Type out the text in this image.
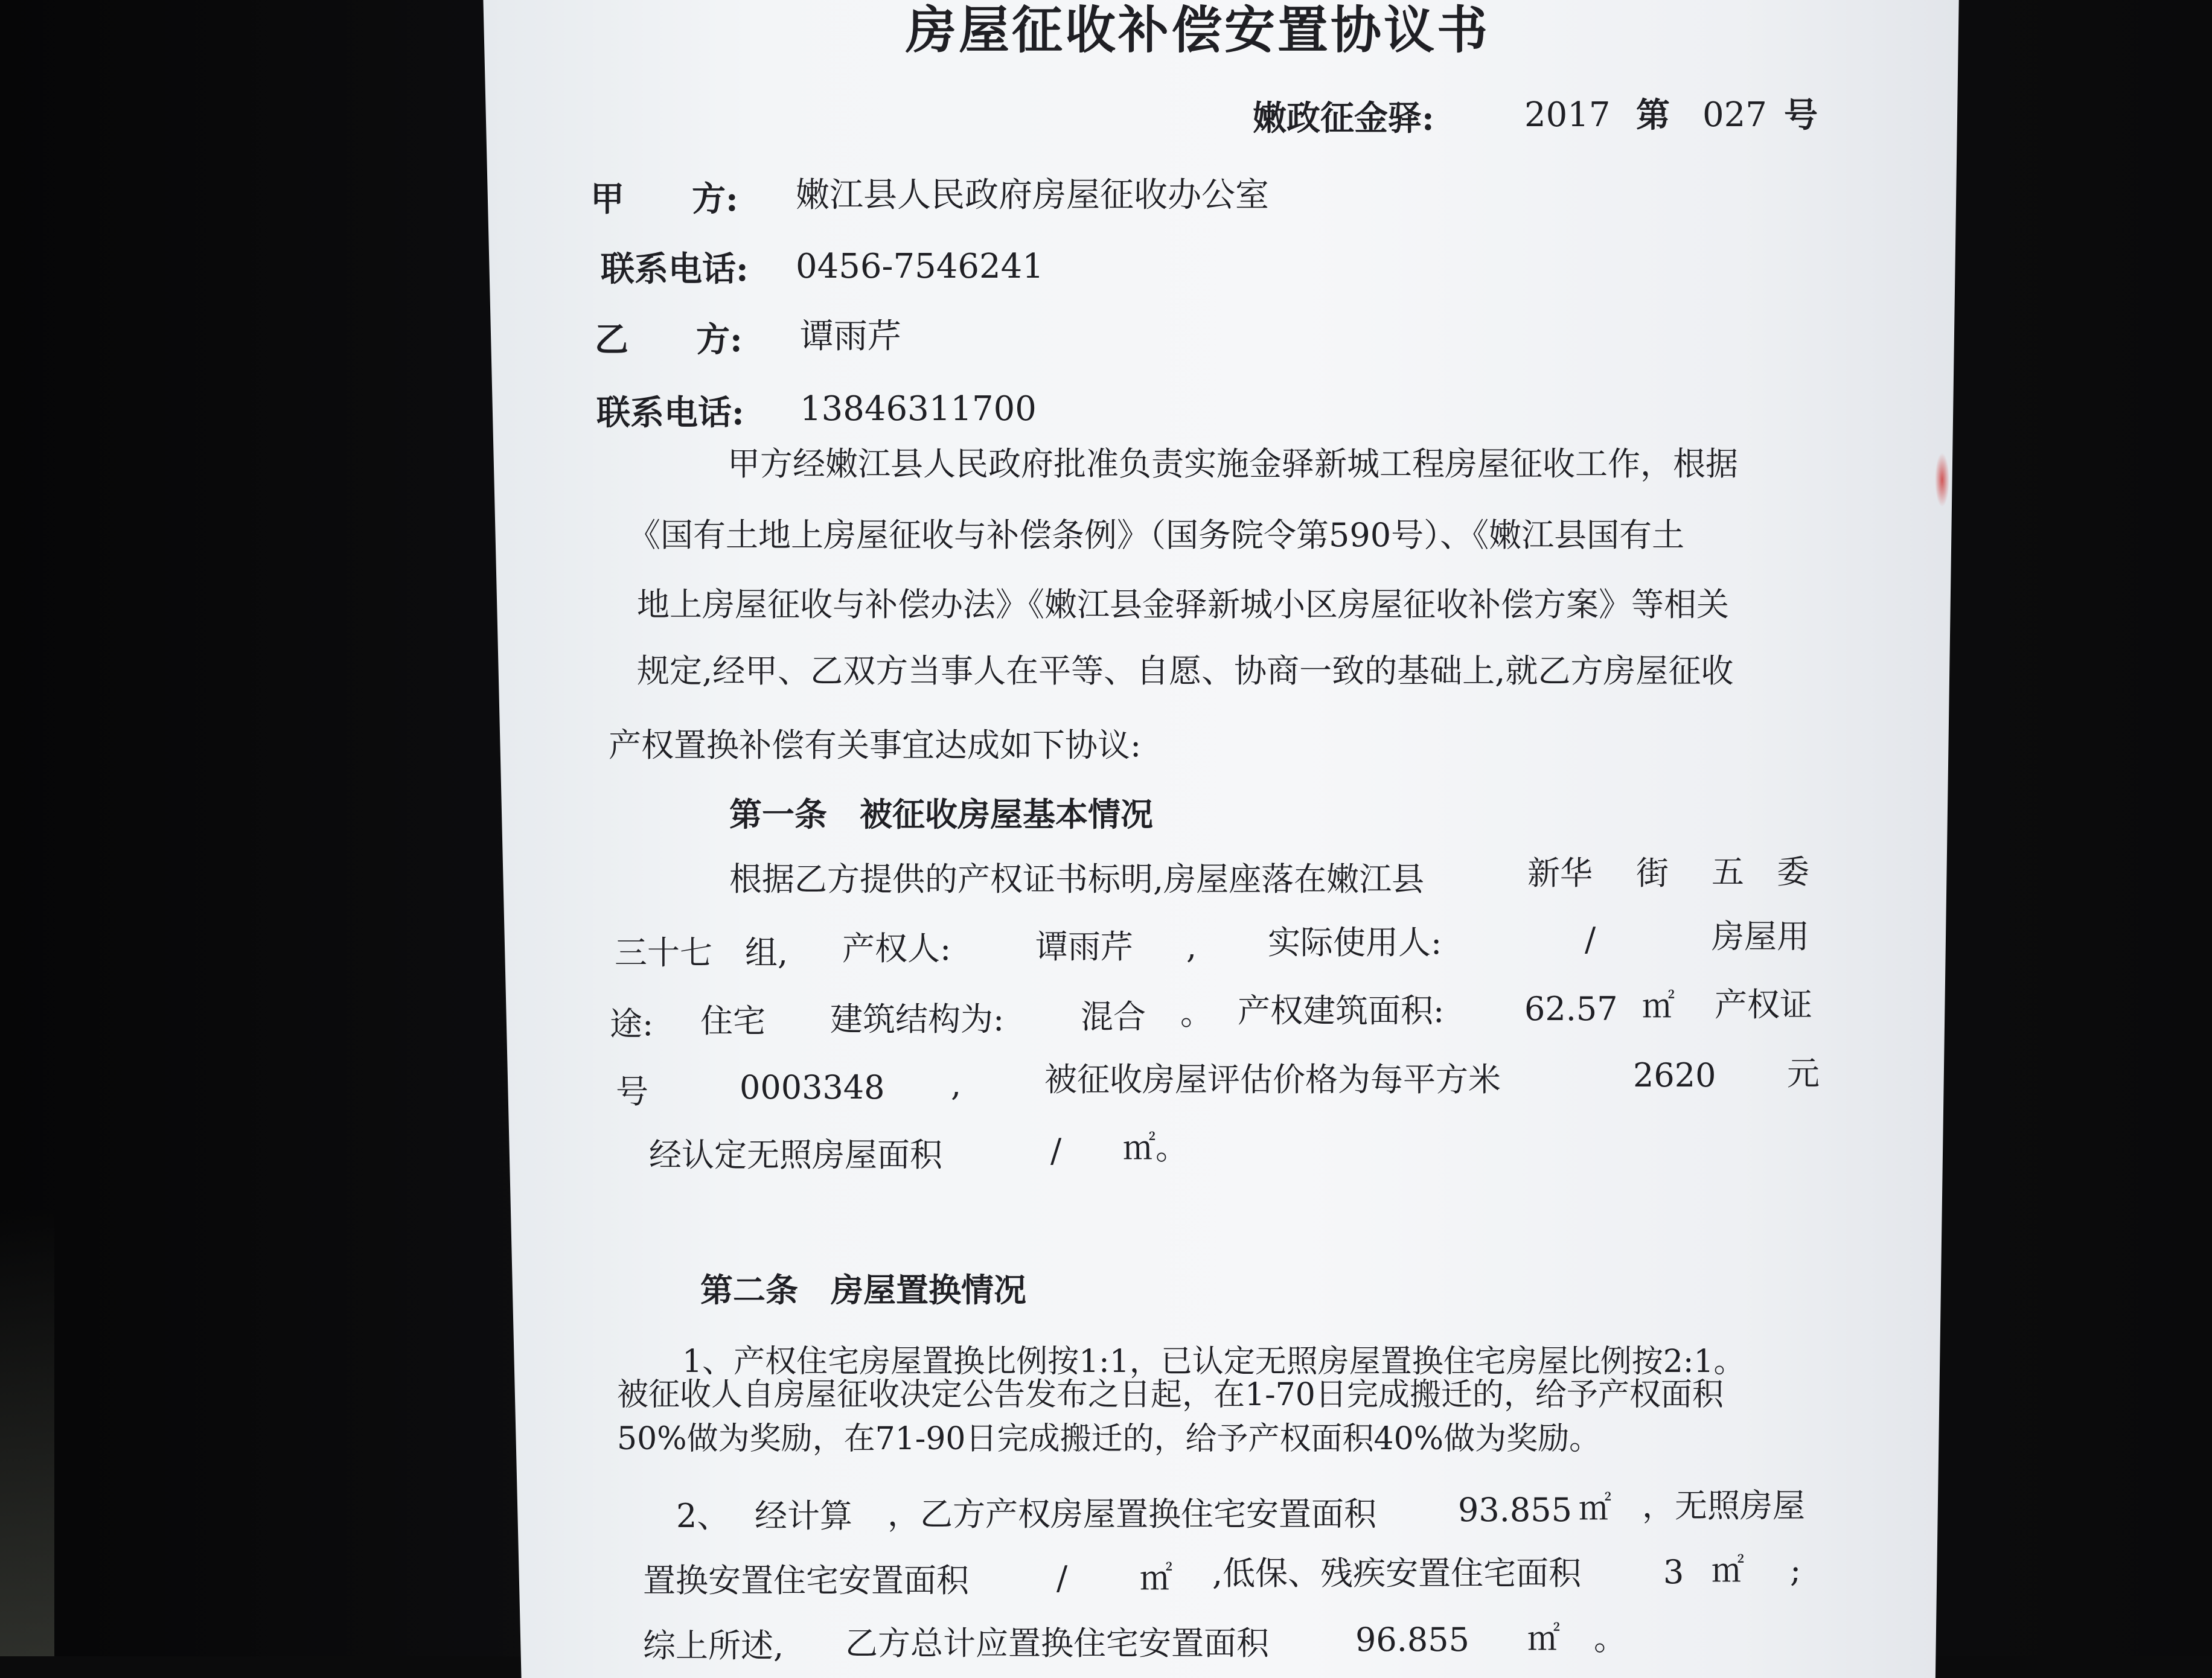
房屋征收补偿安置协议书
嫩政征金驿:	2017 第 027 号
甲　　方: 嫩江县人民政府房屋征收办公室
联系电话: 0456-7546241
乙　　方: 谭雨芹
联系电话: 13846311700
甲方经嫩江县人民政府批准负责实施金驿新城工程房屋征收工作，根据
《国有土地上房屋征收与补偿条例》（国务院令第590号）、《嫩江县国有土
地上房屋征收与补偿办法》《嫩江县金驿新城小区房屋征收补偿方案》等相关
规定,经甲、乙双方当事人在平等、自愿、协商一致的基础上,就乙方房屋征收
产权置换补偿有关事宜达成如下协议:
第一条　被征收房屋基本情况
根据乙方提供的产权证书标明,房屋座落在嫩江县	新华 街 五　委
三十七　组, 产权人:	谭雨芹 , 实际使用人:	/	房屋用
途: 住宅 建筑结构为: 混合 。 产权建筑面积: 62.57 ㎡ 产权证
号	0003348 ,	被征收房屋评估价格为每平方米	2620 元
经认定无照房屋面积	/ ㎡。
第二条　房屋置换情况
1、产权住宅房屋置换比例按1:1，已认定无照房屋置换住宅房屋比例按2:1。
被征收人自房屋征收决定公告发布之日起，在1-70日完成搬迁的，给予产权面积
50%做为奖励，在71-90日完成搬迁的，给予产权面积40%做为奖励。
2、 经计算 ，乙方产权房屋置换住宅安置面积	93.855 ㎡ ，无照房屋
置换安置住宅安置面积	/ ㎡ ,低保、残疾安置住宅面积	3 ㎡ ;
综上所述, 乙方总计应置换住宅安置面积	96.855 ㎡ 。
